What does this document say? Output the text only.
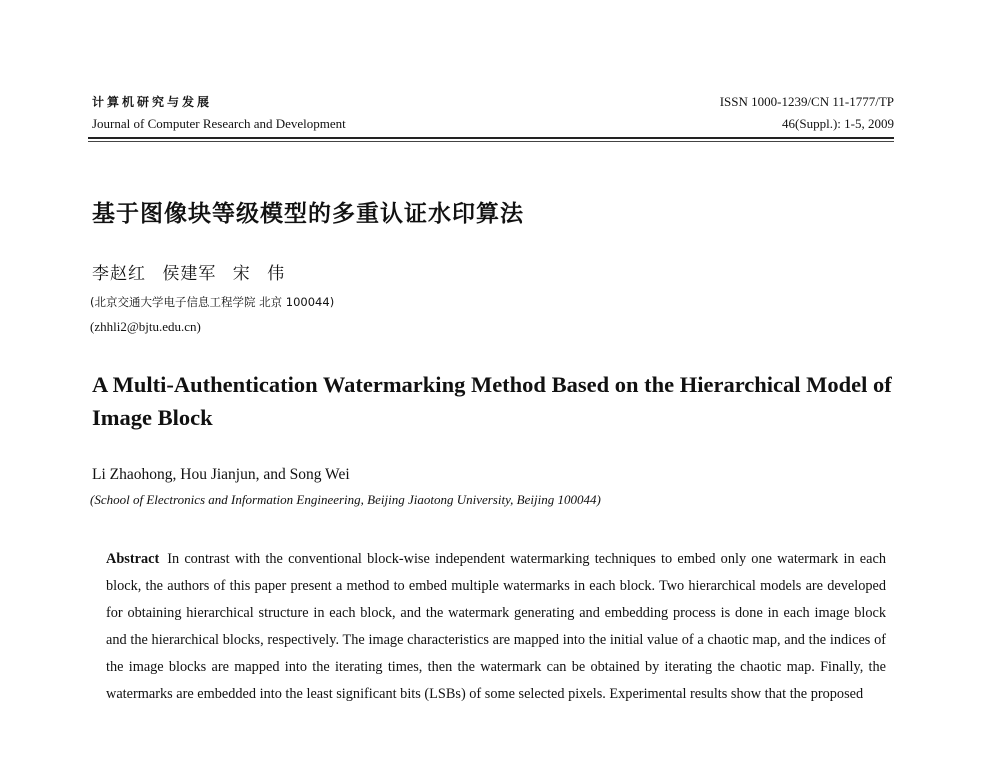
计算机研究与发展
Journal of Computer Research and Development
ISSN 1000-1239/CN 11-1777/TP
46(Suppl.): 1-5, 2009
基于图像块等级模型的多重认证水印算法
李赵红 侯建军 宋 伟
(北京交通大学电子信息工程学院 北京 100044)
(zhhli2@bjtu.edu.cn)
A Multi-Authentication Watermarking Method Based on the Hierarchical Model of Image Block
Li Zhaohong, Hou Jianjun, and Song Wei
(School of Electronics and Information Engineering, Beijing Jiaotong University, Beijing 100044)

Abstract In contrast with the conventional block-wise independent watermarking techniques to embed only one watermark in each block, the authors of this paper present a method to embed multiple watermarks in each block. Two hierarchical models are developed for obtaining hierarchical structure in each block, and the watermark generating and embedding process is done in each image block and the hierarchical blocks, respectively. The image characteristics are mapped into the initial value of a chaotic map, and the indices of the image blocks are mapped into the iterating times, then the watermark can be obtained by iterating the chaotic map. Finally, the watermarks are embedded into the least significant bits (LSBs) of some selected pixels. Experimental results show that the proposed
